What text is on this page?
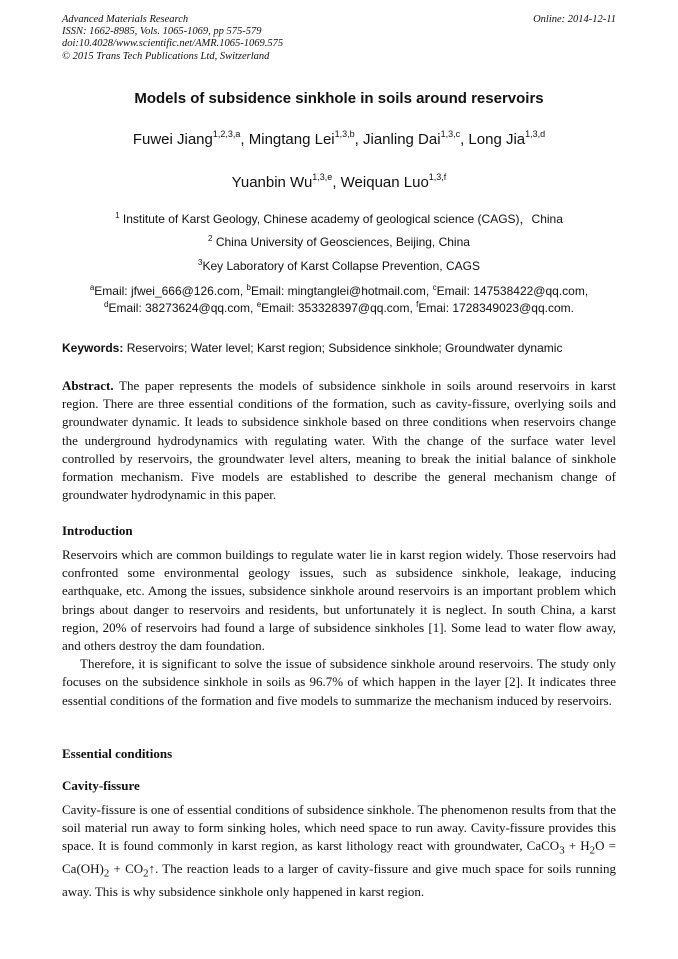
Advanced Materials Research
ISSN: 1662-8985, Vols. 1065-1069, pp 575-579
doi:10.4028/www.scientific.net/AMR.1065-1069.575
© 2015 Trans Tech Publications Ltd, Switzerland
Online: 2014-12-11
Models of subsidence sinkhole in soils around reservoirs
Fuwei Jiang$^{1,2,3,a}$, Mingtang Lei$^{1,3,b}$, Jianling Dai$^{1,3,c}$, Long Jia$^{1,3,d}$
Yuanbin Wu$^{1,3,e}$, Weiquan Luo$^{1,3,f}$
$^1$ Institute of Karst Geology, Chinese academy of geological science (CAGS)，China
$^2$ China University of Geosciences, Beijing, China
$^3$Key Laboratory of Karst Collapse Prevention, CAGS
$^a$Email: jfwei_666@126.com, $^b$Email: mingtanglei@hotmail.com, $^c$Email: 147538422@qq.com,
$^d$Email: 38273624@qq.com, $^e$Email: 353328397@qq.com, $^f$Emai: 1728349023@qq.com.
Keywords: Reservoirs; Water level; Karst region; Subsidence sinkhole; Groundwater dynamic
Abstract. The paper represents the models of subsidence sinkhole in soils around reservoirs in karst region. There are three essential conditions of the formation, such as cavity-fissure, overlying soils and groundwater dynamic. It leads to subsidence sinkhole based on three conditions when reservoirs change the underground hydrodynamics with regulating water. With the change of the surface water level controlled by reservoirs, the groundwater level alters, meaning to break the initial balance of sinkhole formation mechanism. Five models are established to describe the general mechanism change of groundwater hydrodynamic in this paper.
Introduction

Reservoirs which are common buildings to regulate water lie in karst region widely. Those reservoirs had confronted some environmental geology issues, such as subsidence sinkhole, leakage, inducing earthquake, etc. Among the issues, subsidence sinkhole around reservoirs is an important problem which brings about danger to reservoirs and residents, but unfortunately it is neglect. In south China, a karst region, 20% of reservoirs had found a large of subsidence sinkholes [1]. Some lead to water flow away, and others destroy the dam foundation.

Therefore, it is significant to solve the issue of subsidence sinkhole around reservoirs. The study only focuses on the subsidence sinkhole in soils as 96.7% of which happen in the layer [2]. It indicates three essential conditions of the formation and five models to summarize the mechanism induced by reservoirs.

Essential conditions
Cavity-fissure

Cavity-fissure is one of essential conditions of subsidence sinkhole. The phenomenon results from that the soil material run away to form sinking holes, which need space to run away. Cavity-fissure provides this space. It is found commonly in karst region, as karst lithology react with groundwater, CaCO$_3$ + $H_2O = Ca(OH)_2$ + $CO_2↑$. The reaction leads to a larger of cavity-fissure and give much space for soils running away. This is why subsidence sinkhole only happened in karst region.
